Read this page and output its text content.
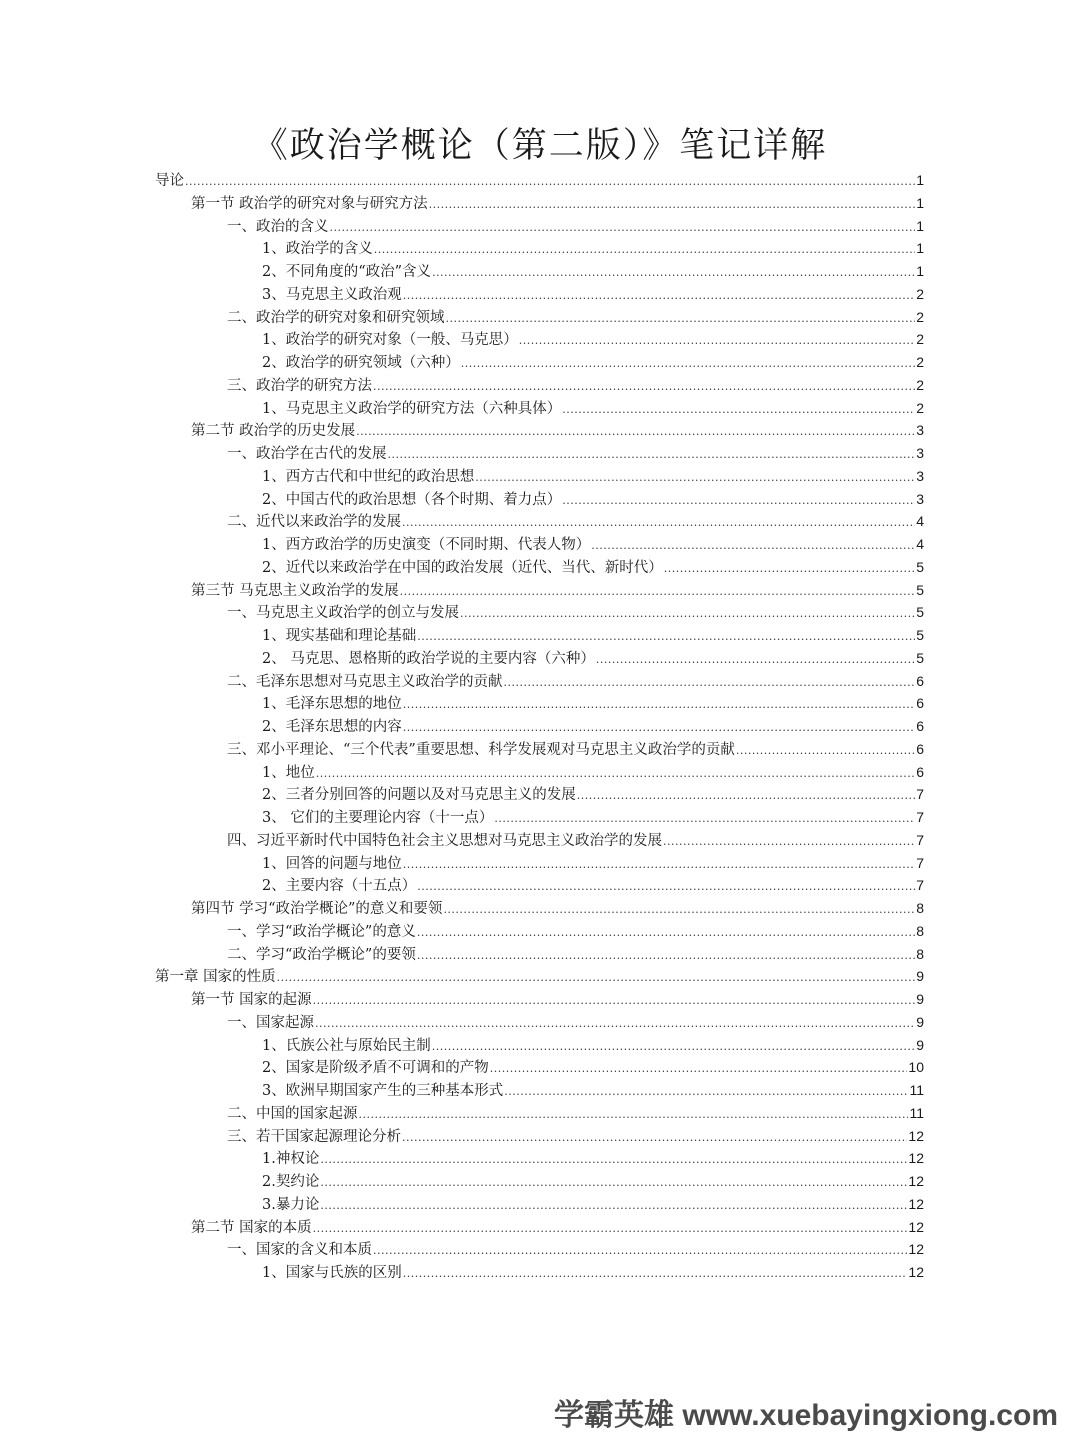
《政治学概论（第二版）》笔记详解
导论 .....	1
第一节 政治学的研究对象与研究方法 .....	1
一、政治的含义 .....	1
1、政治学的含义 .....	1
2、不同角度的“政治”含义 .....	1
3、马克思主义政治观 .....	2
二、政治学的研究对象和研究领域 .....	2
1、政治学的研究对象（一般、马克思） .....	2
2、政治学的研究领域（六种） .....	2
三、政治学的研究方法 .....	2
1、马克思主义政治学的研究方法（六种具体） .....	2
第二节 政治学的历史发展 .....	3
一、政治学在古代的发展 .....	3
1、西方古代和中世纪的政治思想 .....	3
2、中国古代的政治思想（各个时期、着力点） .....	3
二、近代以来政治学的发展 .....	4
1、西方政治学的历史演变（不同时期、代表人物） .....	4
2、近代以来政治学在中国的政治发展（近代、当代、新时代） .....	5
第三节 马克思主义政治学的发展 .....	5
一、马克思主义政治学的创立与发展 .....	5
1、现实基础和理论基础 .....	5
2、 马克思、恩格斯的政治学说的主要内容（六种） .....	5
二、毛泽东思想对马克思主义政治学的贡献 .....	6
1、毛泽东思想的地位 .....	6
2、毛泽东思想的内容 .....	6
三、邓小平理论、“三个代表”重要思想、科学发展观对马克思主义政治学的贡献 .....	6
1、地位 .....	6
2、三者分别回答的问题以及对马克思主义的发展 .....	7
3、 它们的主要理论内容（十一点） .....	7
四、习近平新时代中国特色社会主义思想对马克思主义政治学的发展 .....	7
1、回答的问题与地位 .....	7
2、主要内容（十五点） .....	7
第四节 学习“政治学概论”的意义和要领 .....	8
一、学习“政治学概论”的意义 .....	8
二、学习“政治学概论”的要领 .....	8
第一章 国家的性质 .....	9
第一节 国家的起源 .....	9
一、国家起源 .....	9
1、氏族公社与原始民主制 .....	9
2、国家是阶级矛盾不可调和的产物 .....	10
3、欧洲早期国家产生的三种基本形式 .....	11
二、中国的国家起源 .....	11
三、若干国家起源理论分析 .....	12
1.神权论 .....	12
2.契约论 .....	12
3.暴力论 .....	12
第二节 国家的本质 .....	12
一、国家的含义和本质 .....	12
1、国家与氏族的区别 .....	12
学霸英雄 www.xuebayingxiong.com
